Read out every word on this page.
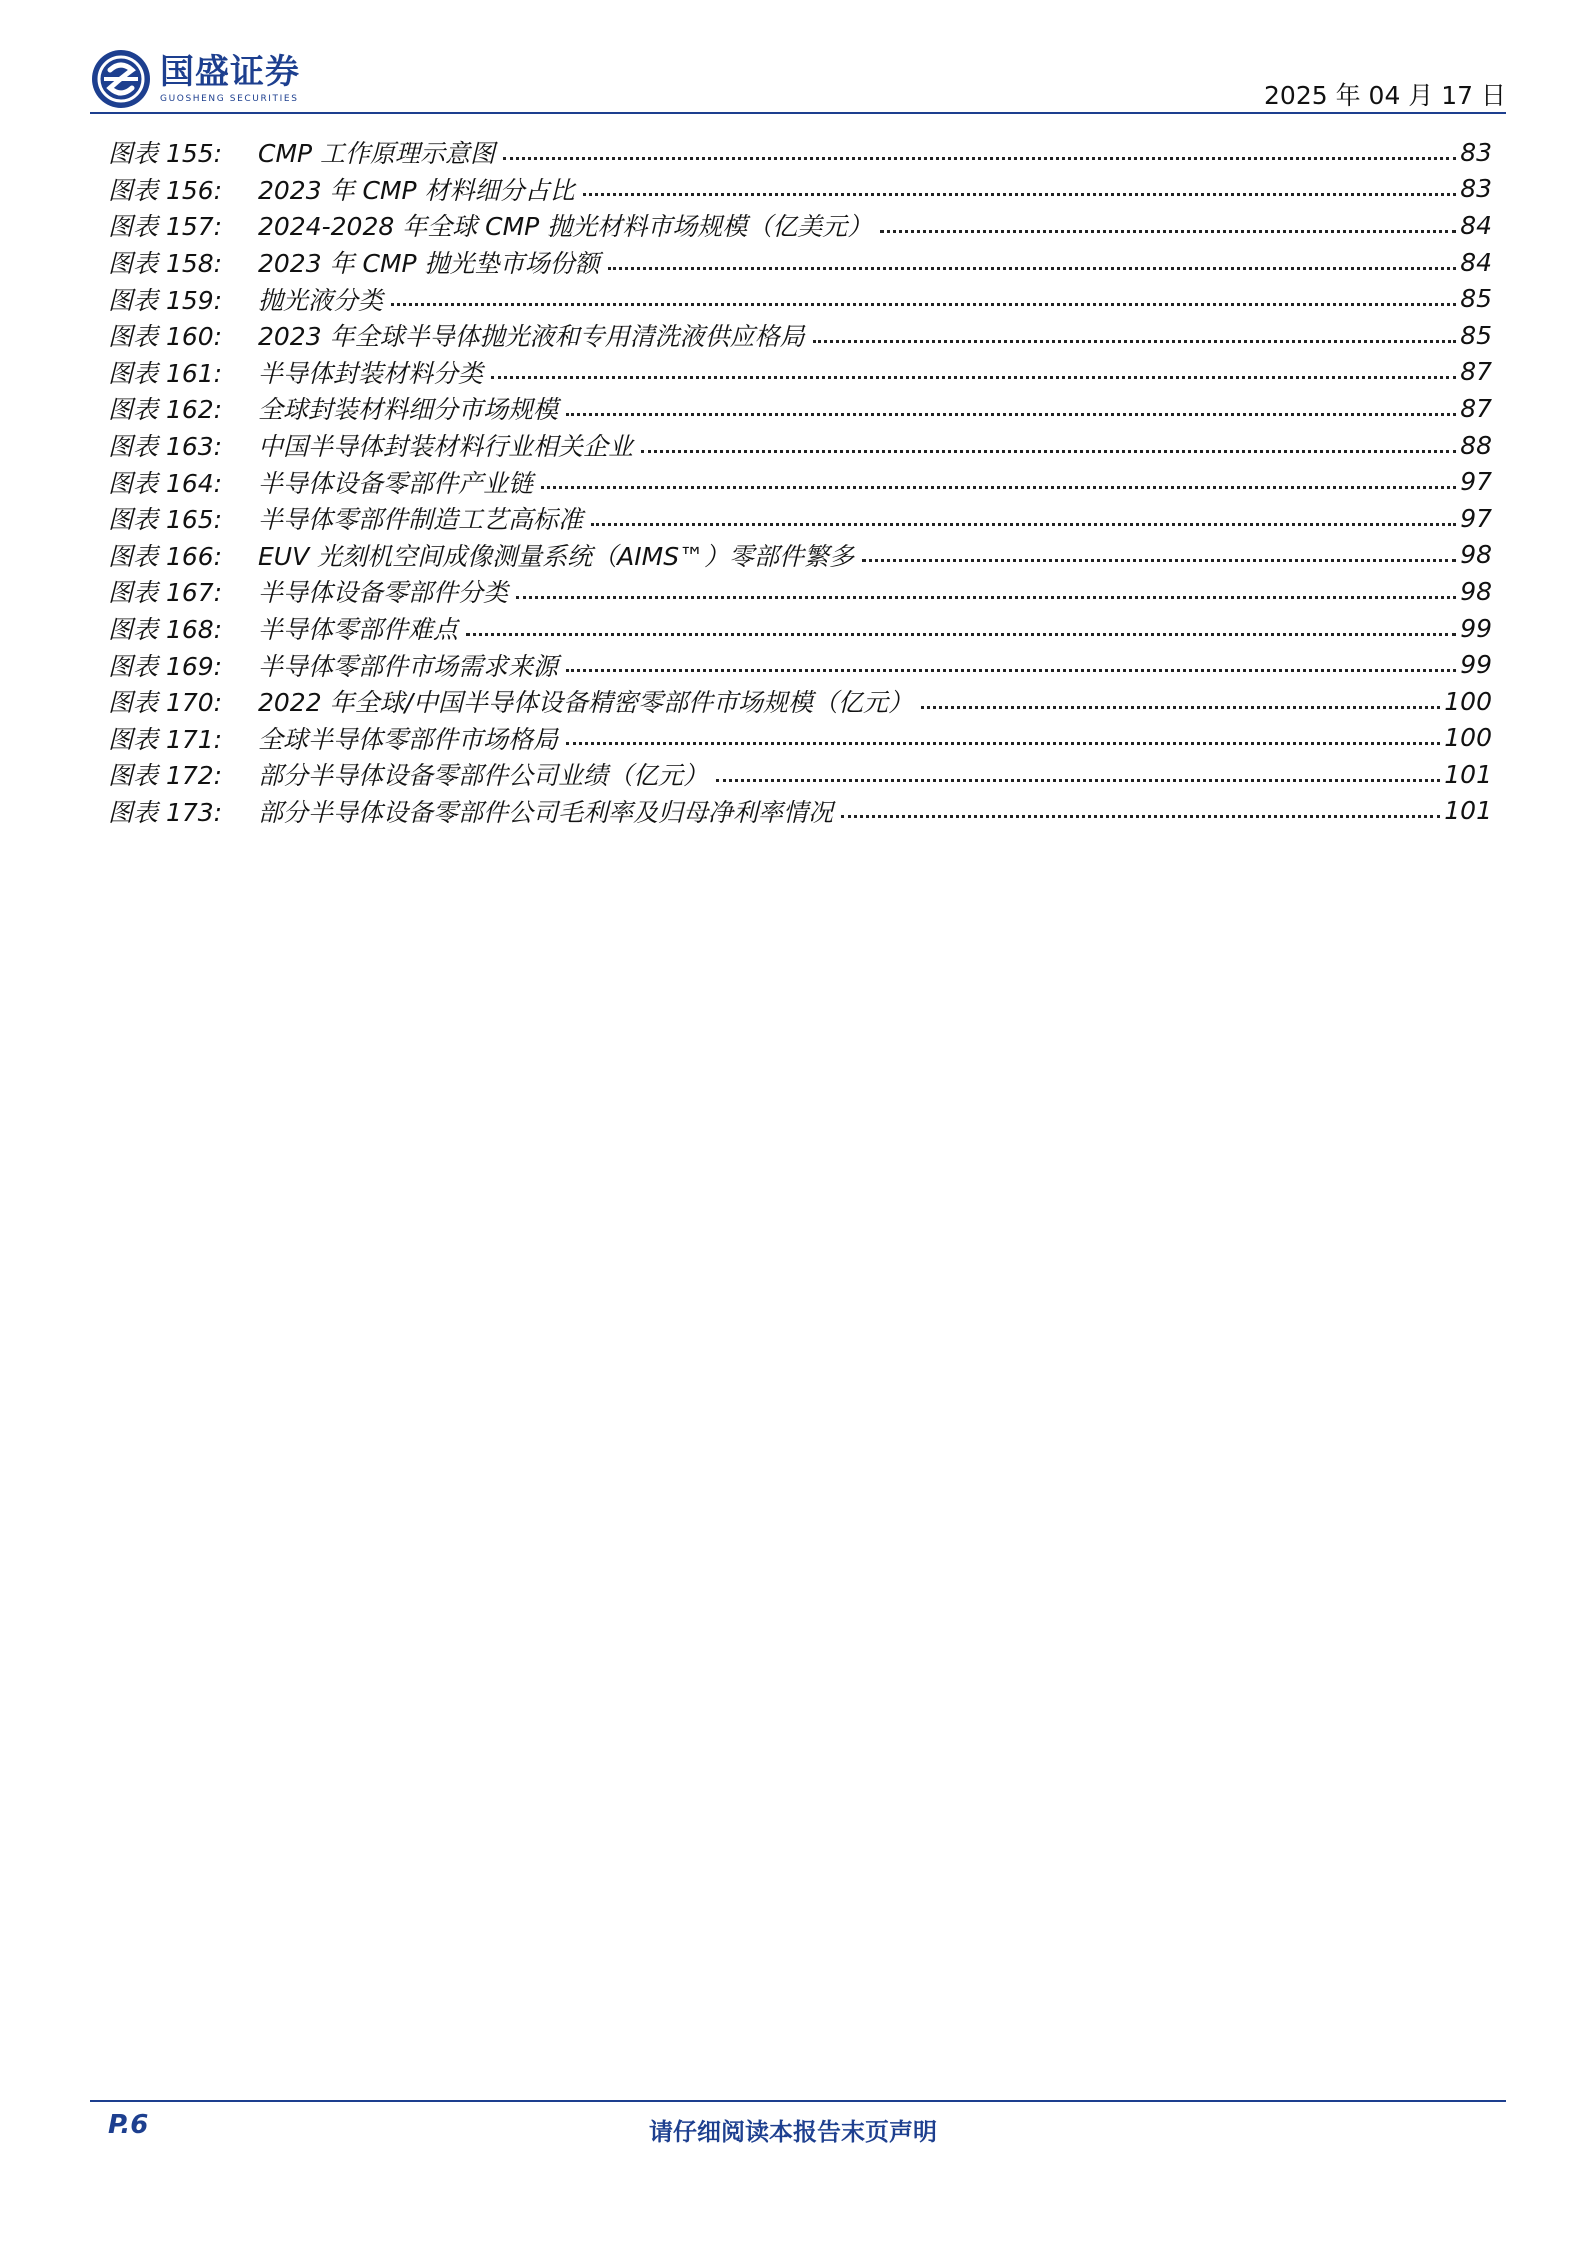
国盛证券
GUOSHENG SECURITIES	2025 年 04 月 17 日
图表 155:	CMP 工作原理示意图	83
图表 156:	2023 年 CMP 材料细分占比	83
图表 157:	2024-2028 年全球 CMP 抛光材料市场规模（亿美元）	84
图表 158:	2023 年 CMP 抛光垫市场份额	84
图表 159:	抛光液分类	85
图表 160:	2023 年全球半导体抛光液和专用清洗液供应格局	85
图表 161:	半导体封装材料分类	87
图表 162:	全球封装材料细分市场规模	87
图表 163:	中国半导体封装材料行业相关企业	88
图表 164:	半导体设备零部件产业链	97
图表 165:	半导体零部件制造工艺高标准	97
图表 166:	EUV 光刻机空间成像测量系统（AIMS™）零部件繁多	98
图表 167:	半导体设备零部件分类	98
图表 168:	半导体零部件难点	99
图表 169:	半导体零部件市场需求来源	99
图表 170:	2022 年全球/中国半导体设备精密零部件市场规模（亿元）	100
图表 171:	全球半导体零部件市场格局	100
图表 172:	部分半导体设备零部件公司业绩（亿元）	101
图表 173:	部分半导体设备零部件公司毛利率及归母净利率情况	101
P.6	请仔细阅读本报告末页声明
